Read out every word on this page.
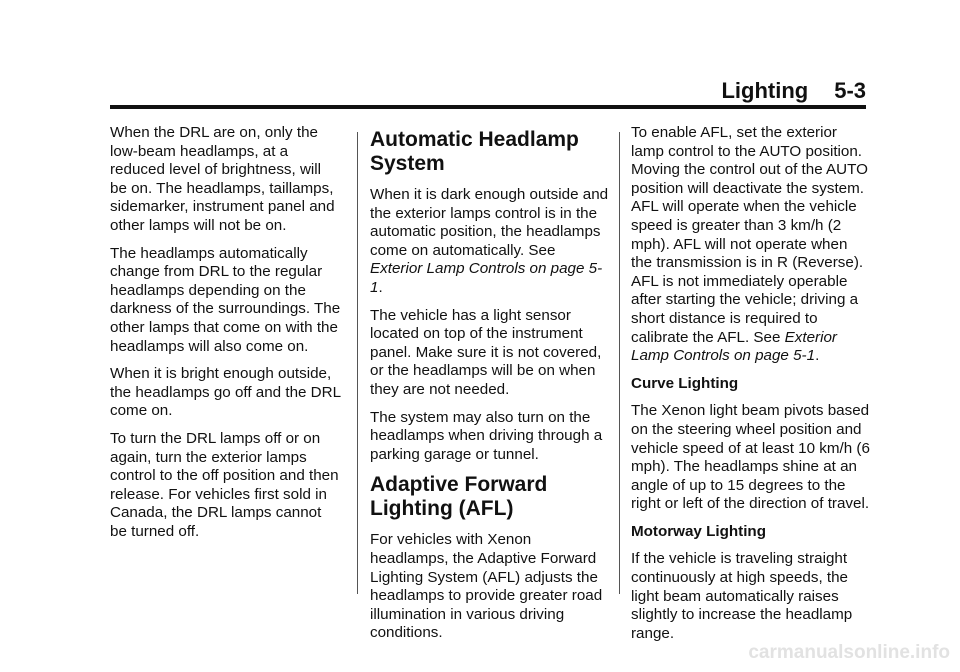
Lighting 5-3

When the DRL are on, only the low-beam headlamps, at a reduced level of brightness, will be on. The headlamps, taillamps, sidemarker, instrument panel and other lamps will not be on.

The headlamps automatically change from DRL to the regular headlamps depending on the darkness of the surroundings. The other lamps that come on with the headlamps will also come on.

When it is bright enough outside, the headlamps go off and the DRL come on.

To turn the DRL lamps off or on again, turn the exterior lamps control to the off position and then release. For vehicles first sold in Canada, the DRL lamps cannot be turned off.

Automatic Headlamp System

When it is dark enough outside and the exterior lamps control is in the automatic position, the headlamps come on automatically. See Exterior Lamp Controls on page 5-1.

The vehicle has a light sensor located on top of the instrument panel. Make sure it is not covered, or the headlamps will be on when they are not needed.

The system may also turn on the headlamps when driving through a parking garage or tunnel.

Adaptive Forward Lighting (AFL)

For vehicles with Xenon headlamps, the Adaptive Forward Lighting System (AFL) adjusts the headlamps to provide greater road illumination in various driving conditions.

To enable AFL, set the exterior lamp control to the AUTO position. Moving the control out of the AUTO position will deactivate the system. AFL will operate when the vehicle speed is greater than 3 km/h (2 mph). AFL will not operate when the transmission is in R (Reverse). AFL is not immediately operable after starting the vehicle; driving a short distance is required to calibrate the AFL. See Exterior Lamp Controls on page 5-1.

Curve Lighting

The Xenon light beam pivots based on the steering wheel position and vehicle speed of at least 10 km/h (6 mph). The headlamps shine at an angle of up to 15 degrees to the right or left of the direction of travel.

Motorway Lighting

If the vehicle is traveling straight continuously at high speeds, the light beam automatically raises slightly to increase the headlamp range.

carmanualsonline.info
